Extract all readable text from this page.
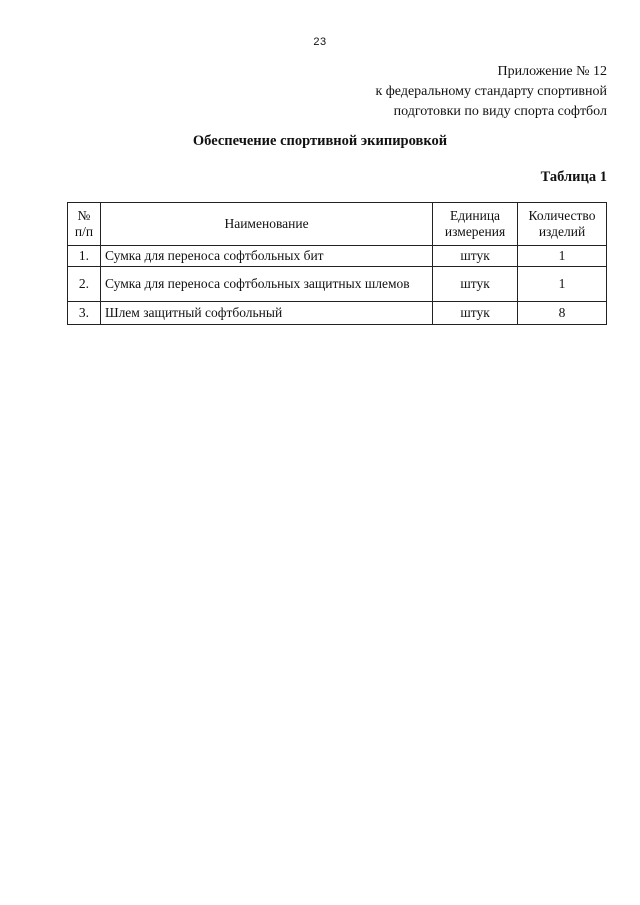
23
Приложение № 12
к федеральному стандарту спортивной
подготовки по виду спорта софтбол
Обеспечение спортивной экипировкой
Таблица 1
№ п/п	Наименование	Единица измерения	Количество изделий
1.	Сумка для переноса софтбольных бит	штук	1
2.	Сумка для переноса софтбольных защитных шлемов	штук	1
3.	Шлем защитный софтбольный	штук	8
